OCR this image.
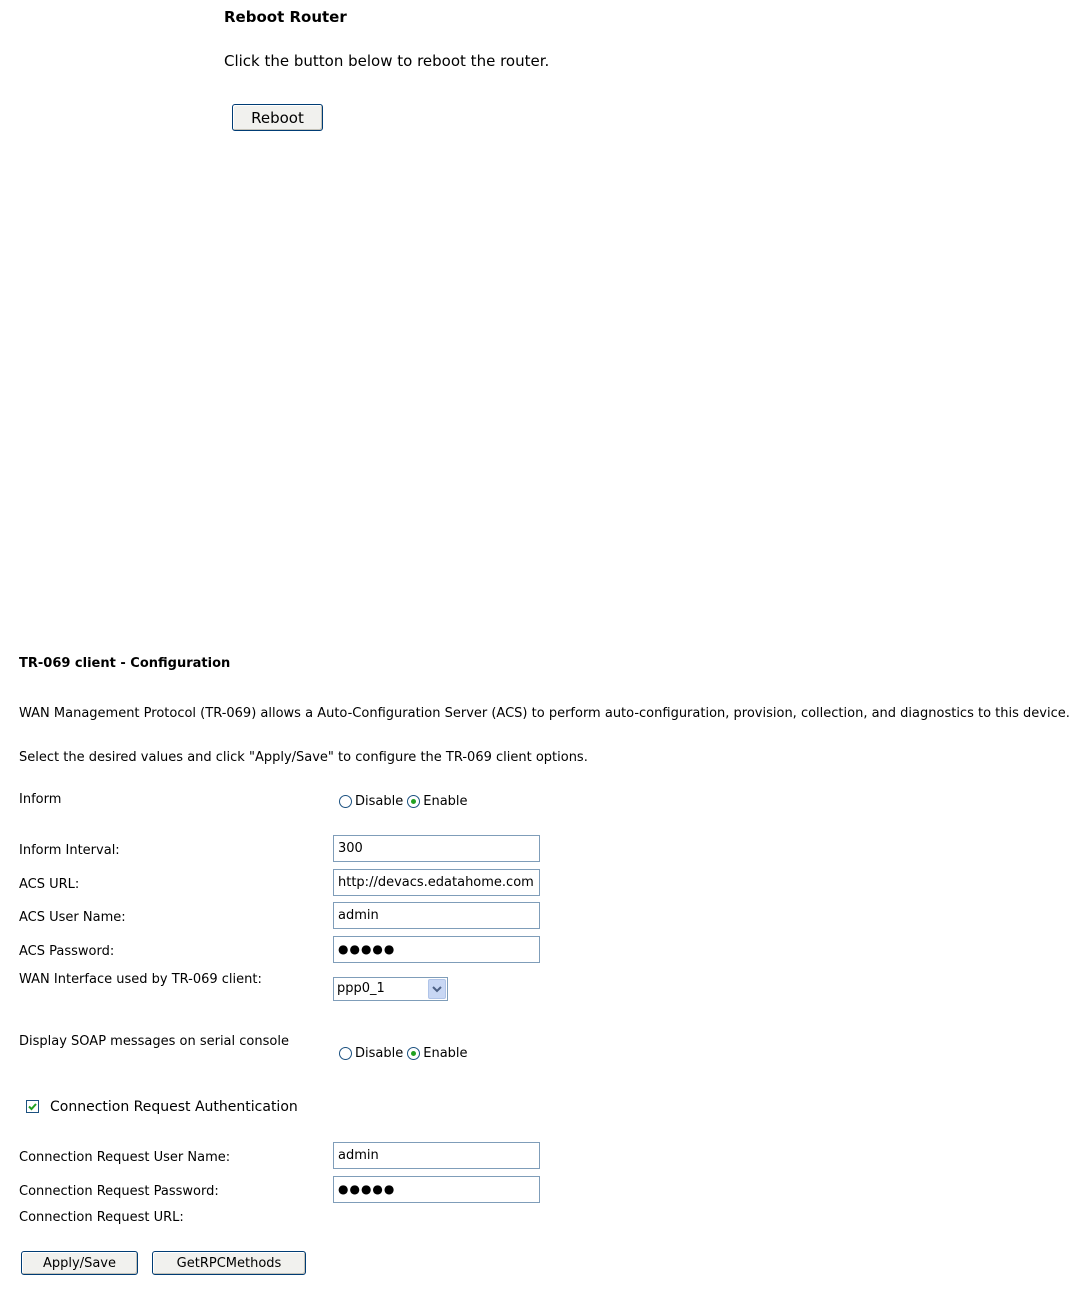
Reboot Router
Click the button below to reboot the router.
Reboot
TR-069 client - Configuration
WAN Management Protocol (TR-069) allows a Auto-Configuration Server (ACS) to perform auto-configuration, provision, collection, and diagnostics to this device.
Select the desired values and click "Apply/Save" to configure the TR-069 client options.
Inform	Disable Enable
Inform Interval:	300
ACS URL:	http://devacs.edatahome.com
ACS User Name:	admin
ACS Password:	●●●●●
WAN Interface used by TR-069 client:
ppp0_1
Display SOAP messages on serial console
Disable Enable
Connection Request Authentication
Connection Request User Name:	admin
Connection Request Password:	●●●●●
Connection Request URL:
Apply/Save	GetRPCMethods
